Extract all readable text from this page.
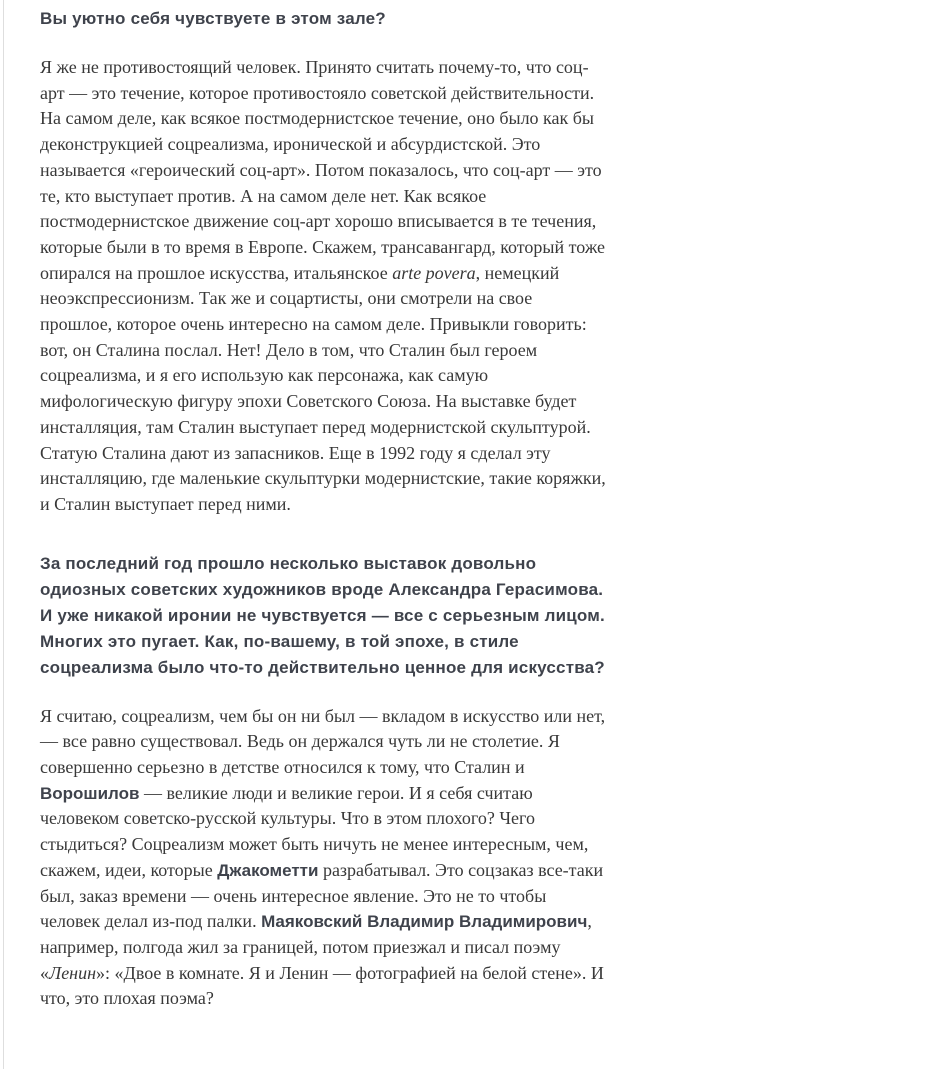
Вы уютно себя чувствуете в этом зале?

Я же не противостоящий человек. Принято считать почему-то, что соц-арт — это течение, которое противостояло советской действительности. На самом деле, как всякое постмодернистское течение, оно было как бы деконструкцией соцреализма, иронической и абсурдистской. Это называется «героический соц-арт». Потом показалось, что соц-арт — это те, кто выступает против. А на самом деле нет. Как всякое постмодернистское движение соц-арт хорошо вписывается в те течения, которые были в то время в Европе. Скажем, трансавангард, который тоже опирался на прошлое искусства, итальянское arte povera, немецкий неоэкспрессионизм. Так же и соцартисты, они смотрели на свое прошлое, которое очень интересно на самом деле. Привыкли говорить: вот, он Сталина послал. Нет! Дело в том, что Сталин был героем соцреализма, и я его использую как персонажа, как самую мифологическую фигуру эпохи Советского Союза. На выставке будет инсталляция, там Сталин выступает перед модернистской скульптурой. Статую Сталина дают из запасников. Еще в 1992 году я сделал эту инсталляцию, где маленькие скульптурки модернистские, такие коряжки, и Сталин выступает перед ними.

За последний год прошло несколько выставок довольно одиозных советских художников вроде Александра Герасимова. И уже никакой иронии не чувствуется — все с серьезным лицом. Многих это пугает. Как, по-вашему, в той эпохе, в стиле соцреализма было что-то действительно ценное для искусства?

Я считаю, соцреализм, чем бы он ни был — вкладом в искусство или нет, — все равно существовал. Ведь он держался чуть ли не столетие. Я совершенно серьезно в детстве относился к тому, что Сталин и Ворошилов — великие люди и великие герои. И я себя считаю человеком советско-русской культуры. Что в этом плохого? Чего стыдиться? Соцреализм может быть ничуть не менее интересным, чем, скажем, идеи, которые Джакометти разрабатывал. Это соцзаказ все-таки был, заказ времени — очень интересное явление. Это не то чтобы человек делал из-под палки. Маяковский Владимир Владимирович, например, полгода жил за границей, потом приезжал и писал поэму «Ленин»: «Двое в комнате. Я и Ленин — фотографией на белой стене». И что, это плохая поэма?
